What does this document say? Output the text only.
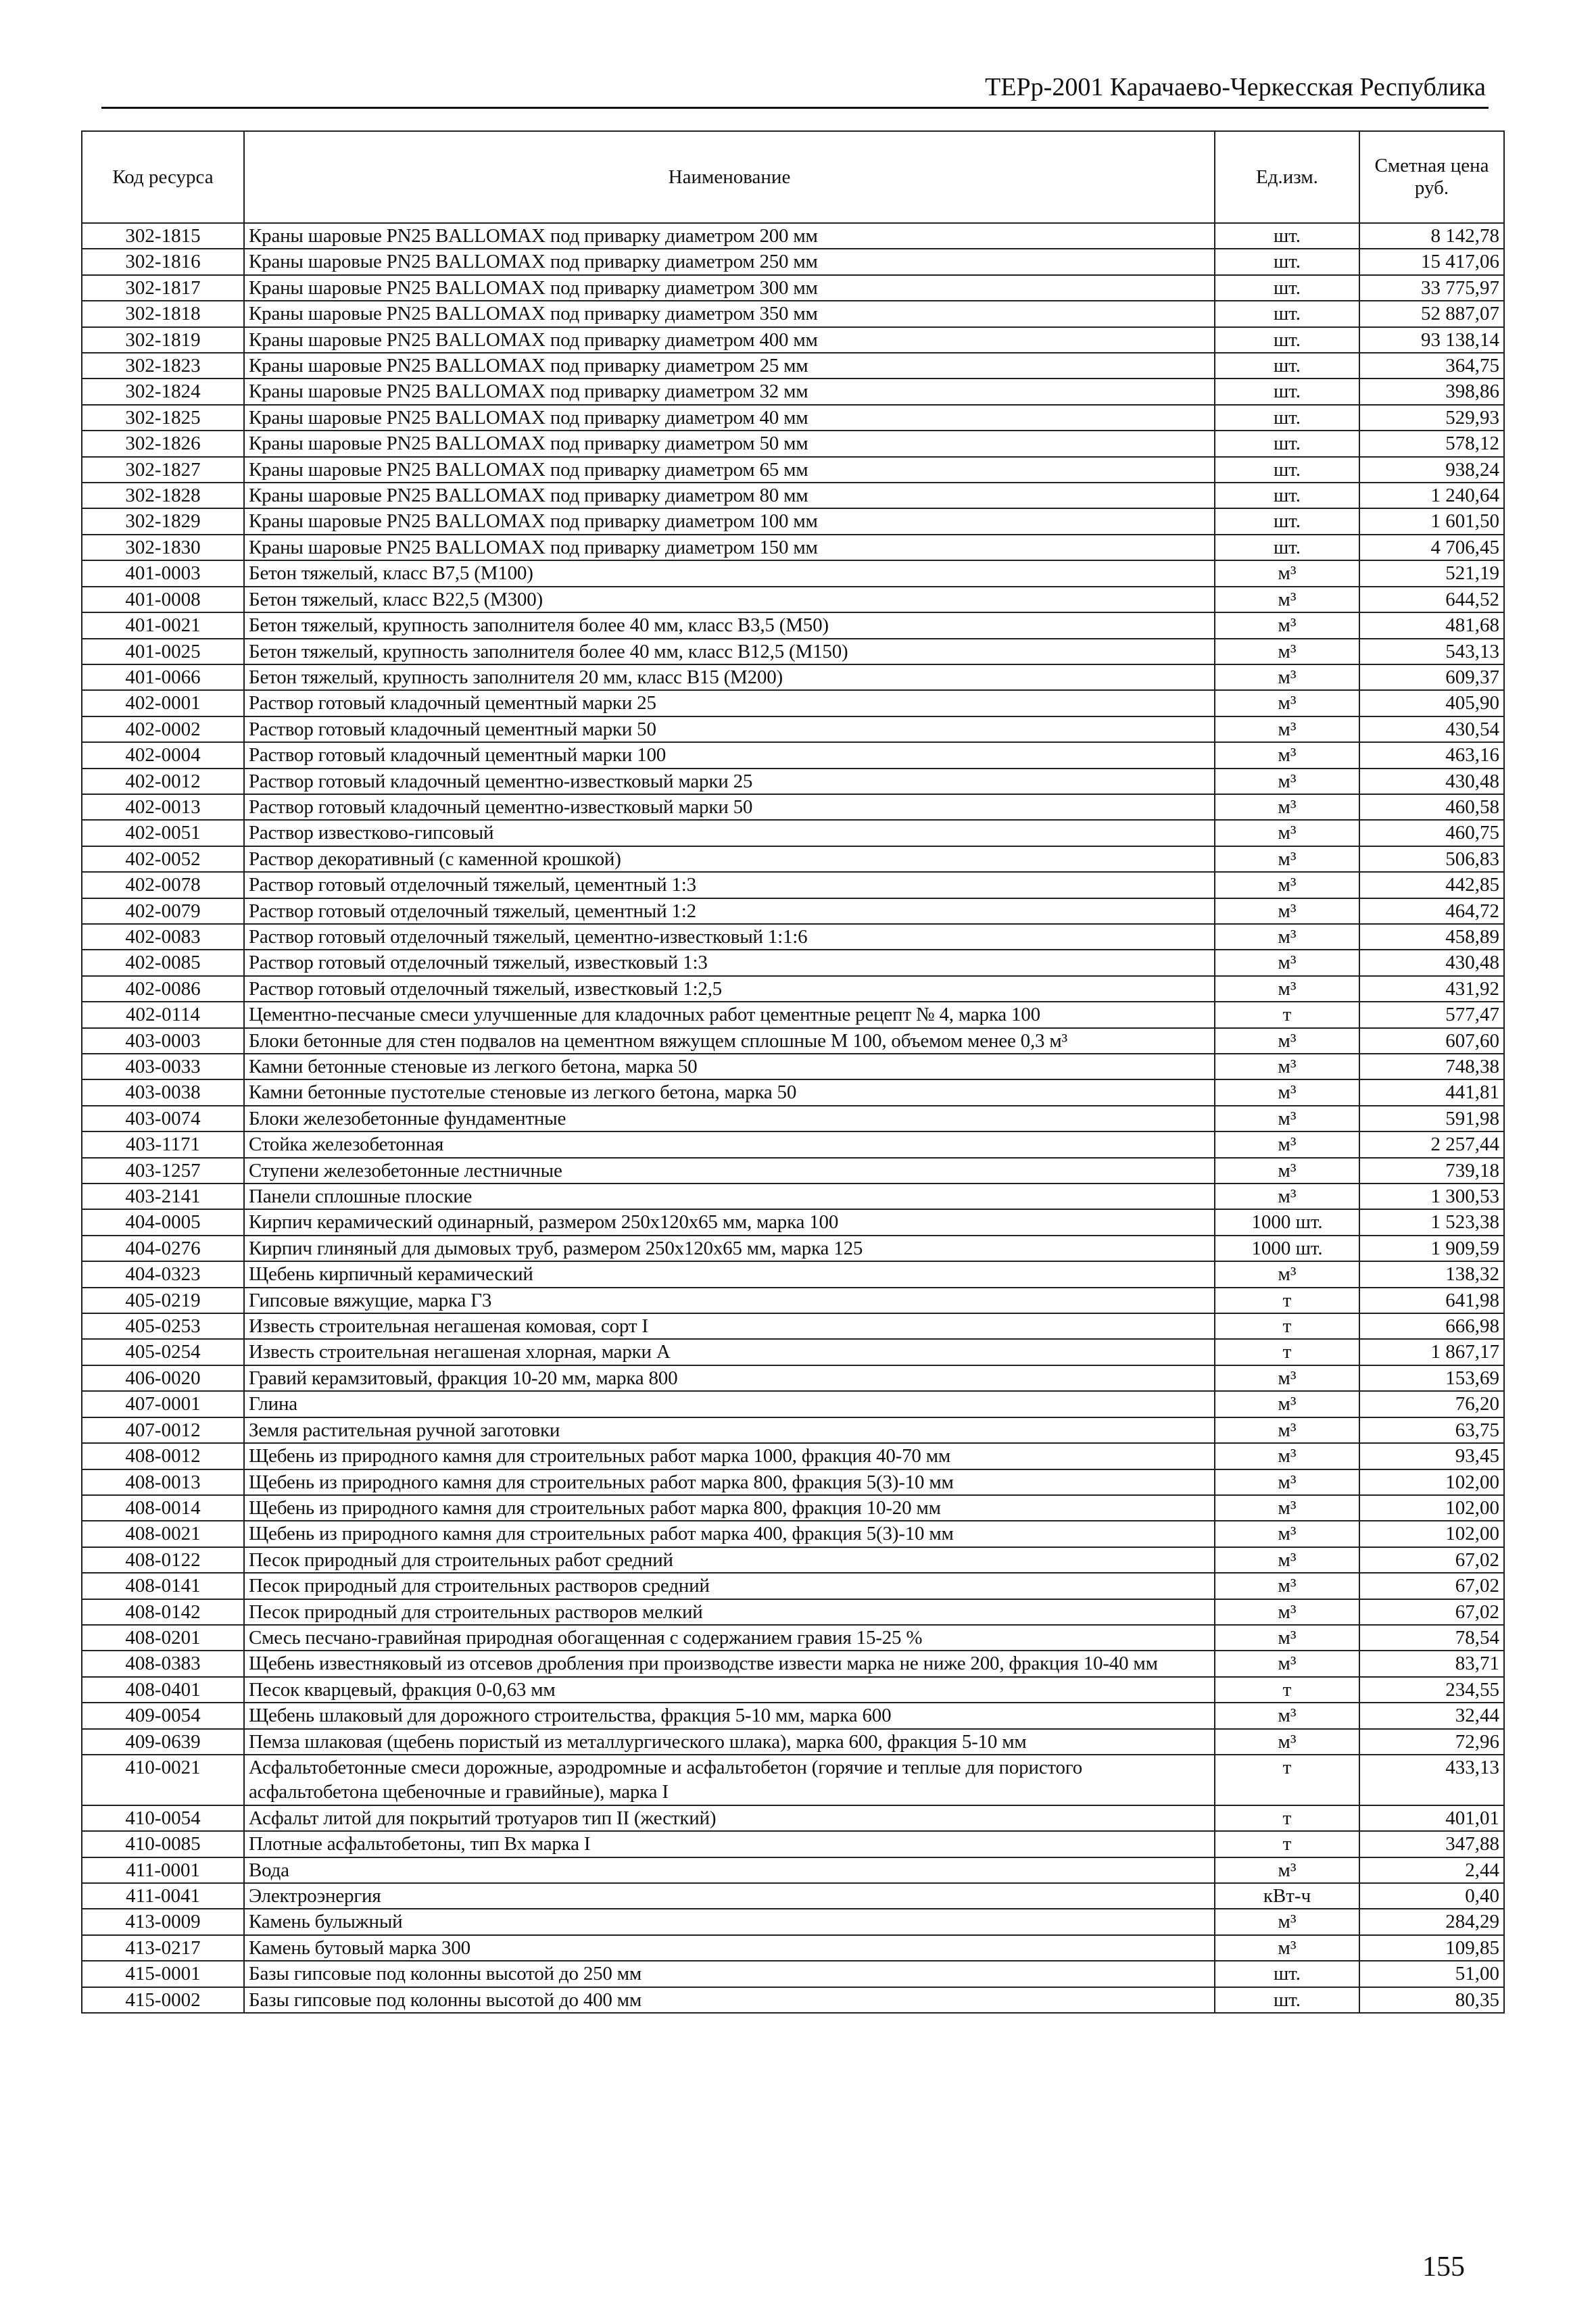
ТЕРр-2001 Карачаево-Черкесская Республика
Код ресурса	Наименование	Ед.изм.	Сметная цена руб.
302-1815	Краны шаровые PN25 BALLOMAX под приварку диаметром 200 мм	шт.	8 142,78
302-1816	Краны шаровые PN25 BALLOMAX под приварку диаметром 250 мм	шт.	15 417,06
302-1817	Краны шаровые PN25 BALLOMAX под приварку диаметром 300 мм	шт.	33 775,97
302-1818	Краны шаровые PN25 BALLOMAX под приварку диаметром 350 мм	шт.	52 887,07
302-1819	Краны шаровые PN25 BALLOMAX под приварку диаметром 400 мм	шт.	93 138,14
302-1823	Краны шаровые PN25 BALLOMAX под приварку диаметром 25 мм	шт.	364,75
302-1824	Краны шаровые PN25 BALLOMAX под приварку диаметром 32 мм	шт.	398,86
302-1825	Краны шаровые PN25 BALLOMAX под приварку диаметром 40 мм	шт.	529,93
302-1826	Краны шаровые PN25 BALLOMAX под приварку диаметром 50 мм	шт.	578,12
302-1827	Краны шаровые PN25 BALLOMAX под приварку диаметром 65 мм	шт.	938,24
302-1828	Краны шаровые PN25 BALLOMAX под приварку диаметром 80 мм	шт.	1 240,64
302-1829	Краны шаровые PN25 BALLOMAX под приварку диаметром 100 мм	шт.	1 601,50
302-1830	Краны шаровые PN25 BALLOMAX под приварку диаметром 150 мм	шт.	4 706,45
401-0003	Бетон тяжелый, класс В7,5 (М100)	м³	521,19
401-0008	Бетон тяжелый, класс В22,5 (М300)	м³	644,52
401-0021	Бетон тяжелый, крупность заполнителя более 40 мм, класс В3,5 (М50)	м³	481,68
401-0025	Бетон тяжелый, крупность заполнителя более 40 мм, класс В12,5 (М150)	м³	543,13
401-0066	Бетон тяжелый, крупность заполнителя 20 мм, класс В15 (М200)	м³	609,37
402-0001	Раствор готовый кладочный цементный марки 25	м³	405,90
402-0002	Раствор готовый кладочный цементный марки 50	м³	430,54
402-0004	Раствор готовый кладочный цементный марки 100	м³	463,16
402-0012	Раствор готовый кладочный цементно-известковый марки 25	м³	430,48
402-0013	Раствор готовый кладочный цементно-известковый марки 50	м³	460,58
402-0051	Раствор известково-гипсовый	м³	460,75
402-0052	Раствор декоративный (с каменной крошкой)	м³	506,83
402-0078	Раствор готовый отделочный тяжелый, цементный 1:3	м³	442,85
402-0079	Раствор готовый отделочный тяжелый, цементный 1:2	м³	464,72
402-0083	Раствор готовый отделочный тяжелый, цементно-известковый 1:1:6	м³	458,89
402-0085	Раствор готовый отделочный тяжелый, известковый 1:3	м³	430,48
402-0086	Раствор готовый отделочный тяжелый, известковый 1:2,5	м³	431,92
402-0114	Цементно-песчаные смеси улучшенные для кладочных работ цементные рецепт № 4, марка 100	т	577,47
403-0003	Блоки бетонные для стен подвалов на цементном вяжущем сплошные М 100, объемом менее 0,3 м³	м³	607,60
403-0033	Камни бетонные стеновые из легкого бетона, марка 50	м³	748,38
403-0038	Камни бетонные пустотелые стеновые из легкого бетона, марка 50	м³	441,81
403-0074	Блоки железобетонные фундаментные	м³	591,98
403-1171	Стойка железобетонная	м³	2 257,44
403-1257	Ступени железобетонные лестничные	м³	739,18
403-2141	Панели сплошные плоские	м³	1 300,53
404-0005	Кирпич керамический одинарный, размером 250х120х65 мм, марка 100	1000 шт.	1 523,38
404-0276	Кирпич глиняный для дымовых труб, размером 250х120х65 мм, марка 125	1000 шт.	1 909,59
404-0323	Щебень кирпичный керамический	м³	138,32
405-0219	Гипсовые вяжущие, марка Г3	т	641,98
405-0253	Известь строительная негашеная комовая, сорт I	т	666,98
405-0254	Известь строительная негашеная хлорная, марки А	т	1 867,17
406-0020	Гравий керамзитовый, фракция 10-20 мм, марка 800	м³	153,69
407-0001	Глина	м³	76,20
407-0012	Земля растительная ручной заготовки	м³	63,75
408-0012	Щебень из природного камня для строительных работ марка 1000, фракция 40-70 мм	м³	93,45
408-0013	Щебень из природного камня для строительных работ марка 800, фракция 5(3)-10 мм	м³	102,00
408-0014	Щебень из природного камня для строительных работ марка 800, фракция 10-20 мм	м³	102,00
408-0021	Щебень из природного камня для строительных работ марка 400, фракция 5(3)-10 мм	м³	102,00
408-0122	Песок природный для строительных работ средний	м³	67,02
408-0141	Песок природный для строительных растворов средний	м³	67,02
408-0142	Песок природный для строительных растворов мелкий	м³	67,02
408-0201	Смесь песчано-гравийная природная обогащенная с содержанием гравия 15-25 %	м³	78,54
408-0383	Щебень известняковый из отсевов дробления при производстве извести марка не ниже 200, фракция 10-40 мм	м³	83,71
408-0401	Песок кварцевый, фракция 0-0,63 мм	т	234,55
409-0054	Щебень шлаковый для дорожного строительства, фракция 5-10 мм, марка 600	м³	32,44
409-0639	Пемза шлаковая (щебень пористый из металлургического шлака), марка 600, фракция 5-10 мм	м³	72,96
410-0021	Асфальтобетонные смеси дорожные, аэродромные и асфальтобетон (горячие и теплые для пористого асфальтобетона щебеночные и гравийные), марка I	т	433,13
410-0054	Асфальт литой для покрытий тротуаров тип II (жесткий)	т	401,01
410-0085	Плотные асфальтобетоны, тип Вх марка I	т	347,88
411-0001	Вода	м³	2,44
411-0041	Электроэнергия	кВт-ч	0,40
413-0009	Камень булыжный	м³	284,29
413-0217	Камень бутовый марка 300	м³	109,85
415-0001	Базы гипсовые под колонны высотой до 250 мм	шт.	51,00
415-0002	Базы гипсовые под колонны высотой до 400 мм	шт.	80,35
155
